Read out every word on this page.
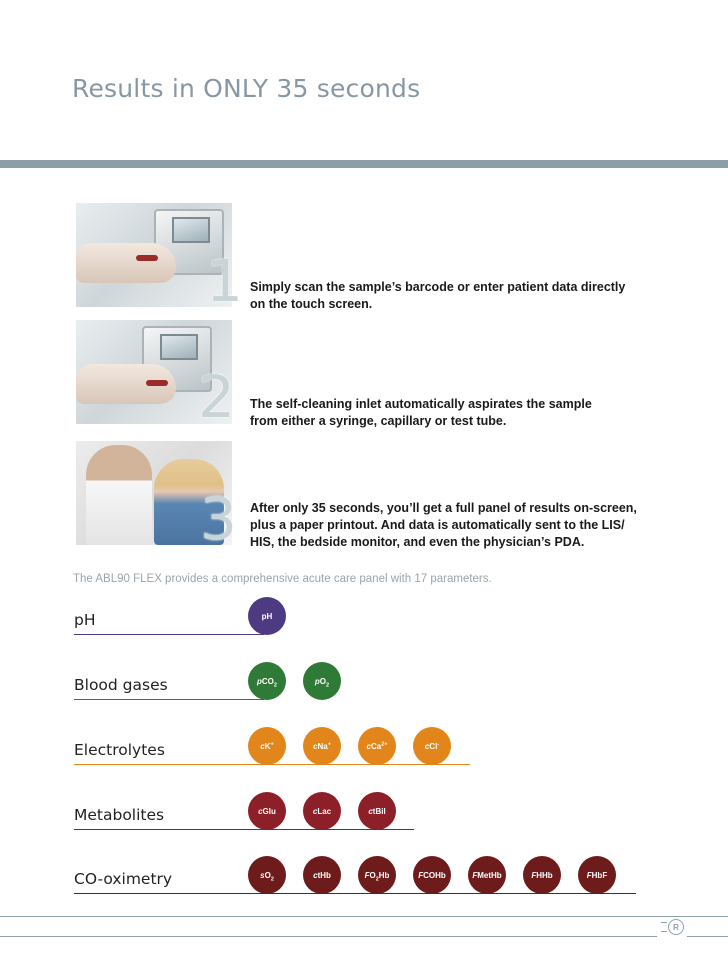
Results in ONLY 35 seconds
1 Simply scan the sample’s barcode or enter patient data directly
on the touch screen.
2 The self-cleaning inlet automatically aspirates the sample
from either a syringe, capillary or test tube.
3 After only 35 seconds, you’ll get a full panel of results on-screen,
plus a paper printout. And data is automatically sent to the LIS/
HIS, the bedside monitor, and even the physician’s PDA.
The ABL90 FLEX provides a comprehensive acute care panel with 17 parameters.
pH	pH
Blood gases	pCO$_2$	$pO_2$
Electrolytes	cK+	cNa+	cCa$^{2+}$	cCl-
Metabolites	cGlu	cLac	ctBil
CO-oximetry	$sO_2$	ctHb	$FO_2Hb$	FCOHb	FMetHb	FHHb	FHbF
R
